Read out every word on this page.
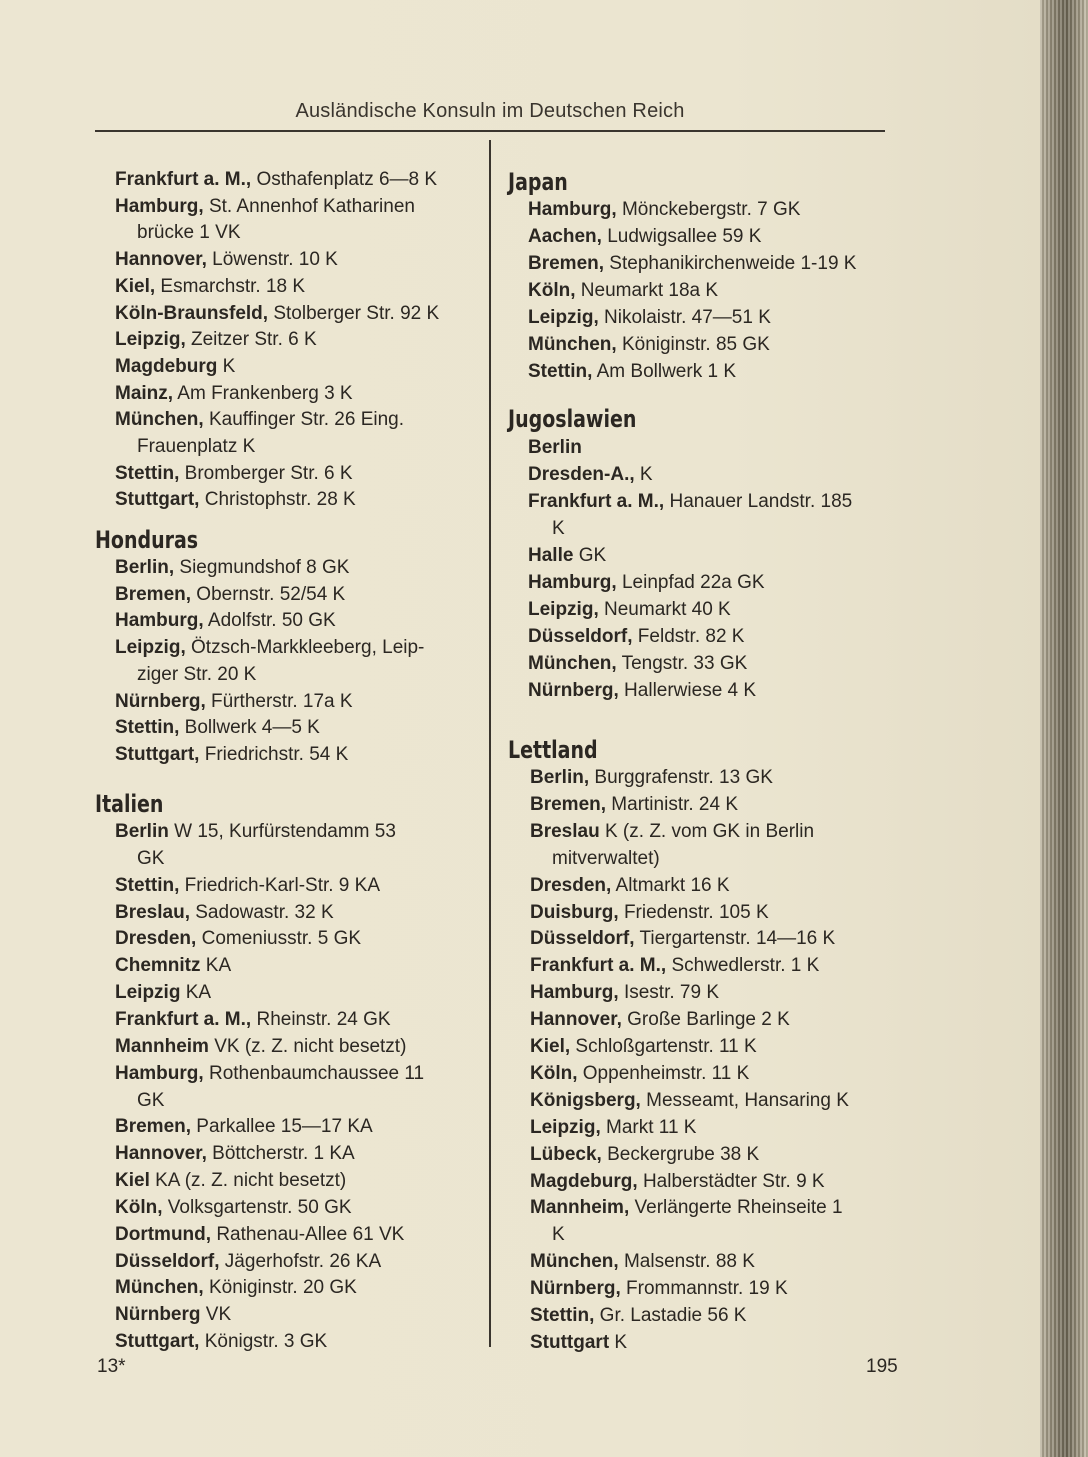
Ausländische Konsuln im Deutschen Reich
Frankfurt a. M., Osthafenplatz 6—8 K
Hamburg, St. Annenhof Katharinen
brücke 1 VK
Hannover, Löwenstr. 10 K
Kiel, Esmarchstr. 18 K
Köln-Braunsfeld, Stolberger Str. 92 K
Leipzig, Zeitzer Str. 6 K
Magdeburg K
Mainz, Am Frankenberg 3 K
München, Kauffinger Str. 26 Eing.
Frauenplatz K
Stettin, Bromberger Str. 6 K
Stuttgart, Christophstr. 28 K
Honduras
Berlin, Siegmundshof 8 GK
Bremen, Obernstr. 52/54 K
Hamburg, Adolfstr. 50 GK
Leipzig, Ötzsch-Markkleeberg, Leip-
ziger Str. 20 K
Nürnberg, Fürtherstr. 17a K
Stettin, Bollwerk 4—5 K
Stuttgart, Friedrichstr. 54 K
Italien
Berlin W 15, Kurfürstendamm 53
GK
Stettin, Friedrich-Karl-Str. 9 KA
Breslau, Sadowastr. 32 K
Dresden, Comeniusstr. 5 GK
Chemnitz KA
Leipzig KA
Frankfurt a. M., Rheinstr. 24 GK
Mannheim VK (z. Z. nicht besetzt)
Hamburg, Rothenbaumchaussee 11
GK
Bremen, Parkallee 15—17 KA
Hannover, Böttcherstr. 1 KA
Kiel KA (z. Z. nicht besetzt)
Köln, Volksgartenstr. 50 GK
Dortmund, Rathenau-Allee 61 VK
Düsseldorf, Jägerhofstr. 26 KA
München, Königinstr. 20 GK
Nürnberg VK
Stuttgart, Königstr. 3 GK
Japan
Hamburg, Mönckebergstr. 7 GK
Aachen, Ludwigsallee 59 K
Bremen, Stephanikirchenweide 1-19 K
Köln, Neumarkt 18a K
Leipzig, Nikolaistr. 47—51 K
München, Königinstr. 85 GK
Stettin, Am Bollwerk 1 K
Jugoslawien
Berlin
Dresden-A., K
Frankfurt a. M., Hanauer Landstr. 185
K
Halle GK
Hamburg, Leinpfad 22a GK
Leipzig, Neumarkt 40 K
Düsseldorf, Feldstr. 82 K
München, Tengstr. 33 GK
Nürnberg, Hallerwiese 4 K
Lettland
Berlin, Burggrafenstr. 13 GK
Bremen, Martinistr. 24 K
Breslau K (z. Z. vom GK in Berlin
mitverwaltet)
Dresden, Altmarkt 16 K
Duisburg, Friedenstr. 105 K
Düsseldorf, Tiergartenstr. 14—16 K
Frankfurt a. M., Schwedlerstr. 1 K
Hamburg, Isestr. 79 K
Hannover, Große Barlinge 2 K
Kiel, Schloßgartenstr. 11 K
Köln, Oppenheimstr. 11 K
Königsberg, Messeamt, Hansaring K
Leipzig, Markt 11 K
Lübeck, Beckergrube 38 K
Magdeburg, Halberstädter Str. 9 K
Mannheim, Verlängerte Rheinseite 1
K
München, Malsenstr. 88 K
Nürnberg, Frommannstr. 19 K
Stettin, Gr. Lastadie 56 K
Stuttgart K
13*	195
